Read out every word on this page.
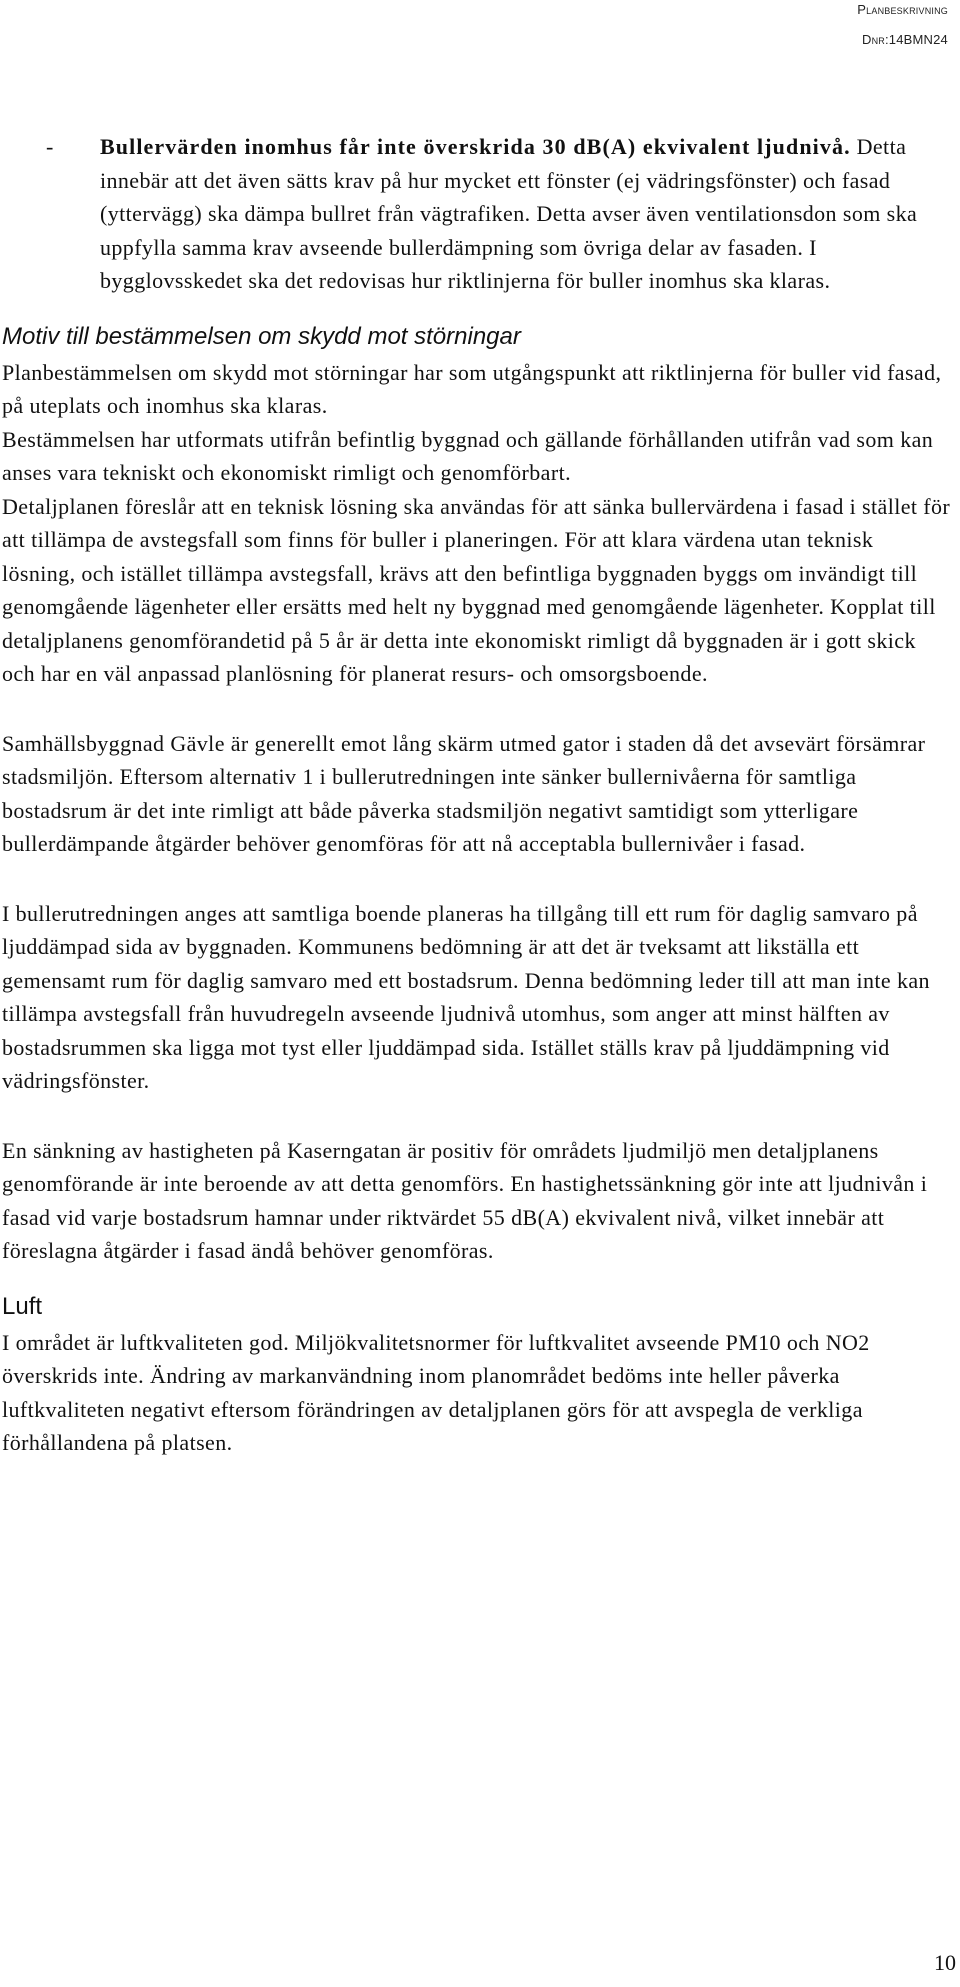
Planbeskrivning
Dnr:14BMN24
- Bullervärden inomhus får inte överskrida 30 dB(A) ekvivalent ljudnivå. Detta innebär att det även sätts krav på hur mycket ett fönster (ej vädringsfönster) och fasad (yttervägg) ska dämpa bullret från vägtrafiken. Detta avser även ventilationsdon som ska uppfylla samma krav avseende bullerdämpning som övriga delar av fasaden. I bygglovsskedet ska det redovisas hur riktlinjerna för buller inomhus ska klaras.
Motiv till bestämmelsen om skydd mot störningar

Planbestämmelsen om skydd mot störningar har som utgångspunkt att riktlinjerna för buller vid fasad, på uteplats och inomhus ska klaras.

Bestämmelsen har utformats utifrån befintlig byggnad och gällande förhållanden utifrån vad som kan anses vara tekniskt och ekonomiskt rimligt och genomförbart.

Detaljplanen föreslår att en teknisk lösning ska användas för att sänka bullervärdena i fasad i stället för att tillämpa de avstegsfall som finns för buller i planeringen. För att klara värdena utan teknisk lösning, och istället tillämpa avstegsfall, krävs att den befintliga byggnaden byggs om invändigt till genomgående lägenheter eller ersätts med helt ny byggnad med genomgående lägenheter. Kopplat till detaljplanens genomförandetid på 5 år är detta inte ekonomiskt rimligt då byggnaden är i gott skick och har en väl anpassad planlösning för planerat resurs- och omsorgsboende.

Samhällsbyggnad Gävle är generellt emot lång skärm utmed gator i staden då det avsevärt försämrar stadsmiljön. Eftersom alternativ 1 i bullerutredningen inte sänker bullernivåerna för samtliga bostadsrum är det inte rimligt att både påverka stadsmiljön negativt samtidigt som ytterligare bullerdämpande åtgärder behöver genomföras för att nå acceptabla bullernivåer i fasad.

I bullerutredningen anges att samtliga boende planeras ha tillgång till ett rum för daglig samvaro på ljuddämpad sida av byggnaden. Kommunens bedömning är att det är tveksamt att likställa ett gemensamt rum för daglig samvaro med ett bostadsrum. Denna bedömning leder till att man inte kan tillämpa avstegsfall från huvudregeln avseende ljudnivå utomhus, som anger att minst hälften av bostadsrummen ska ligga mot tyst eller ljuddämpad sida. Istället ställs krav på ljuddämpning vid vädringsfönster.

En sänkning av hastigheten på Kaserngatan är positiv för områdets ljudmiljö men detaljplanens genomförande är inte beroende av att detta genomförs. En hastighetssänkning gör inte att ljudnivån i fasad vid varje bostadsrum hamnar under riktvärdet 55 dB(A) ekvivalent nivå, vilket innebär att föreslagna åtgärder i fasad ändå behöver genomföras.

Luft

I området är luftkvaliteten god. Miljökvalitetsnormer för luftkvalitet avseende PM10 och NO2 överskrids inte. Ändring av markanvändning inom planområdet bedöms inte heller påverka luftkvaliteten negativt eftersom förändringen av detaljplanen görs för att avspegla de verkliga förhållandena på platsen.

10
